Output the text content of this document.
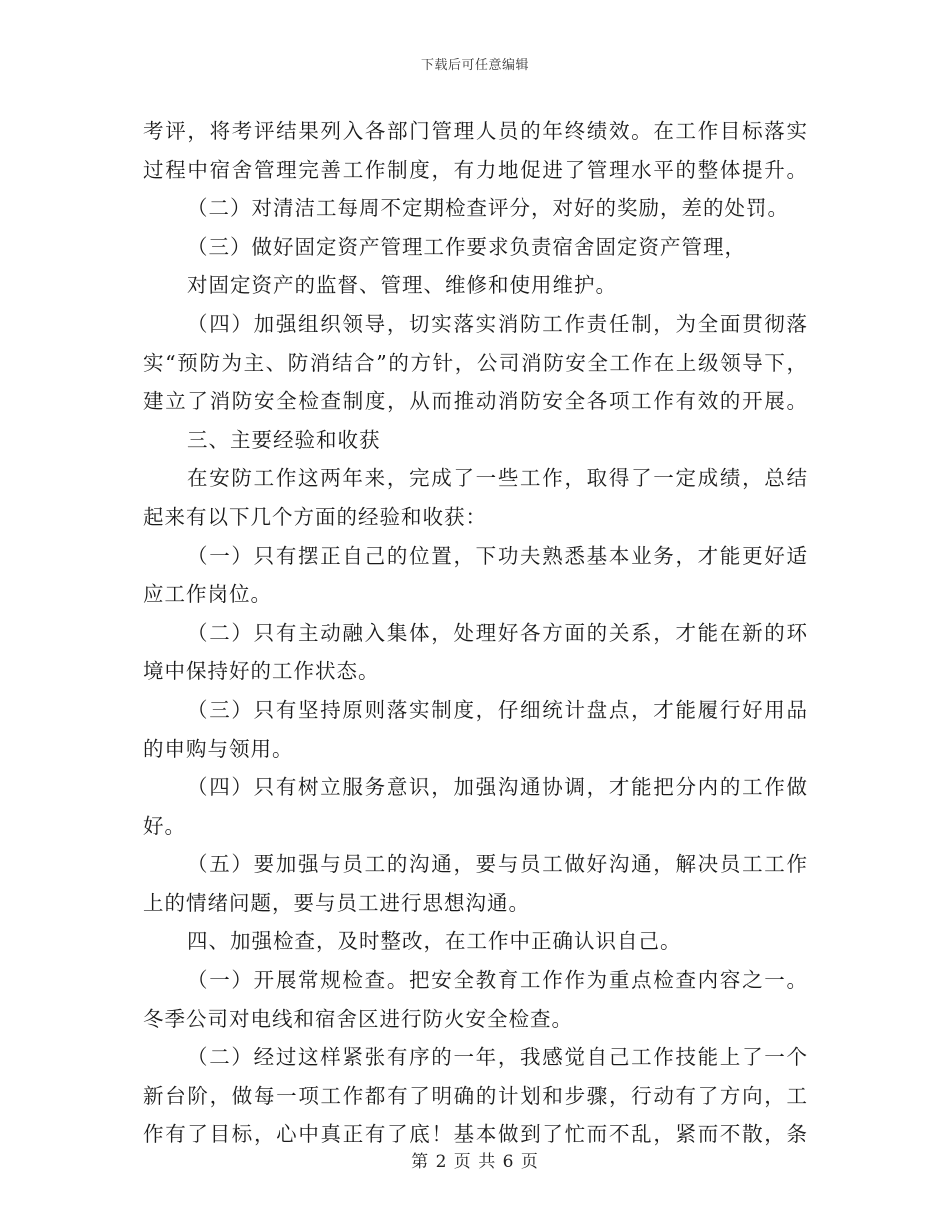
下载后可任意编辑
考评，将考评结果列入各部门管理人员的年终绩效。在工作目标落实
过程中宿舍管理完善工作制度，有力地促进了管理水平的整体提升。
（二）对清洁工每周不定期检查评分，对好的奖励，差的处罚。
（三）做好固定资产管理工作要求负责宿舍固定资产管理，
对固定资产的监督、管理、维修和使用维护。
（四）加强组织领导，切实落实消防工作责任制，为全面贯彻落
实“预防为主、防消结合”的方针，公司消防安全工作在上级领导下，
建立了消防安全检查制度，从而推动消防安全各项工作有效的开展。
三、主要经验和收获
在安防工作这两年来，完成了一些工作，取得了一定成绩，总结
起来有以下几个方面的经验和收获：
（一）只有摆正自己的位置，下功夫熟悉基本业务，才能更好适
应工作岗位。
（二）只有主动融入集体，处理好各方面的关系，才能在新的环
境中保持好的工作状态。
（三）只有坚持原则落实制度，仔细统计盘点，才能履行好用品
的申购与领用。
（四）只有树立服务意识，加强沟通协调，才能把分内的工作做
好。
（五）要加强与员工的沟通，要与员工做好沟通，解决员工工作
上的情绪问题，要与员工进行思想沟通。
四、加强检查，及时整改，在工作中正确认识自己。
（一）开展常规检查。把安全教育工作作为重点检查内容之一。
冬季公司对电线和宿舍区进行防火安全检查。
（二）经过这样紧张有序的一年，我感觉自己工作技能上了一个
新台阶，做每一项工作都有了明确的计划和步骤，行动有了方向，工
作有了目标，心中真正有了底！基本做到了忙而不乱，紧而不散，条
第 2 页 共 6 页
